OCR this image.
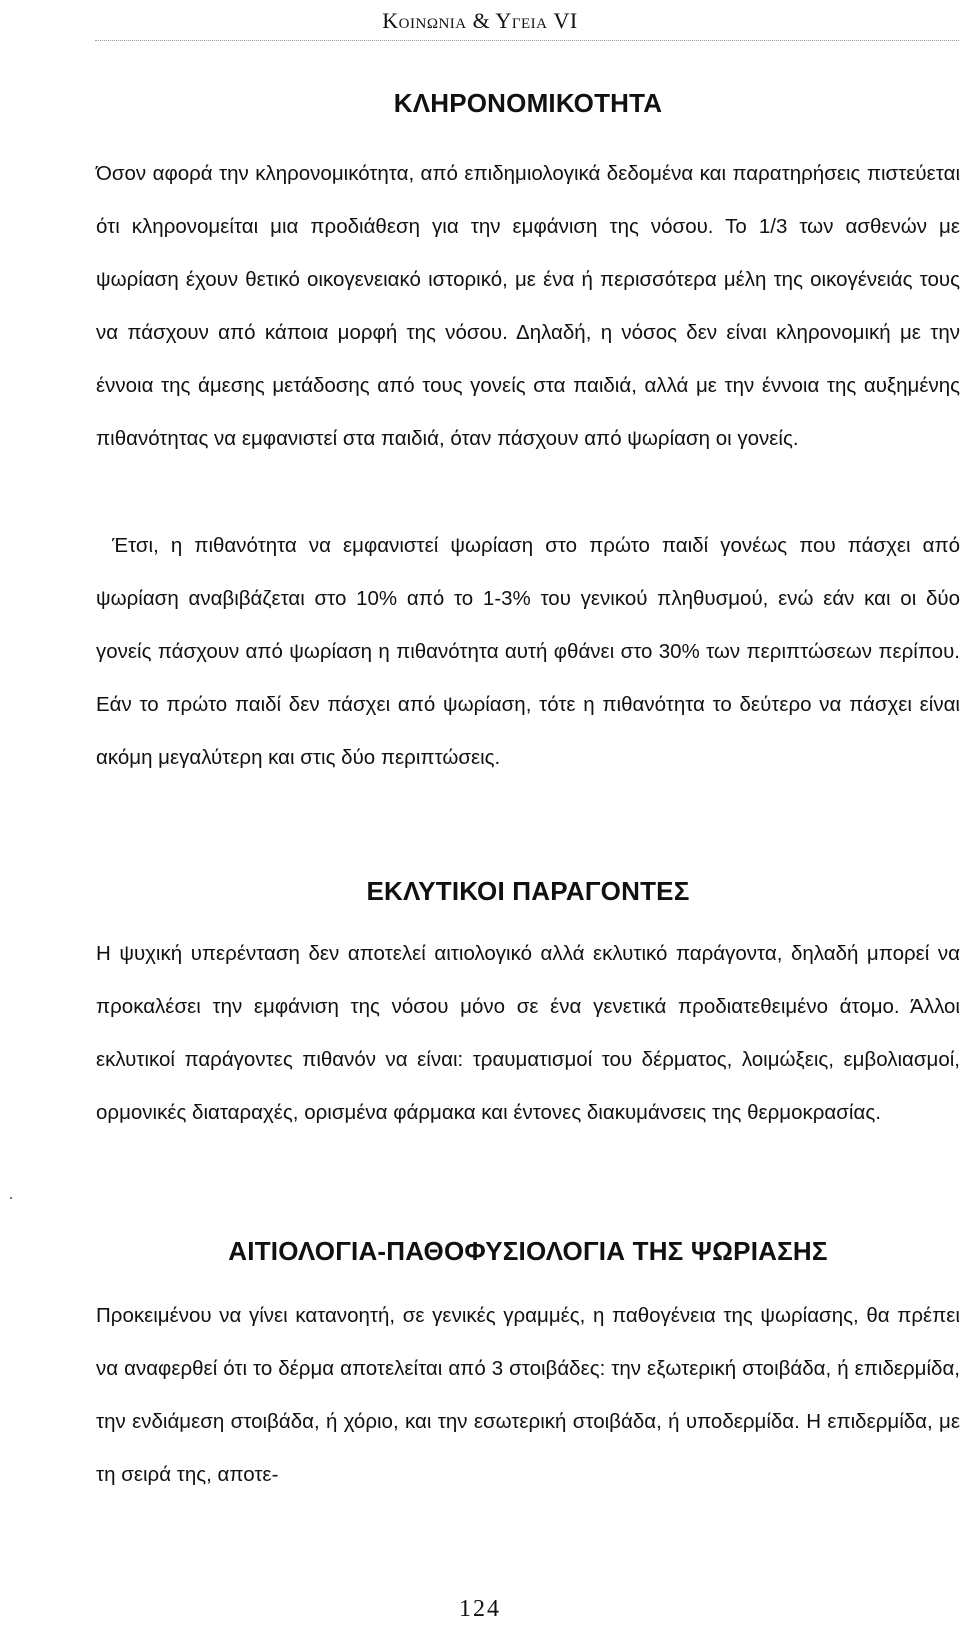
Κοινωνια & Υγεια VI
ΚΛΗΡΟΝΟΜΙΚΟΤΗΤΑ

Όσον αφορά την κληρονομικότητα, από επιδημιολογικά δεδομένα και παρατηρήσεις πιστεύεται ότι κληρονομείται μια προδιάθεση για την εμφάνιση της νόσου. Το 1/3 των ασθενών με ψωρίαση έχουν θετικό οικογενειακό ιστορικό, με ένα ή περισσότερα μέλη της οικογένειάς τους να πάσχουν από κάποια μορφή της νόσου. Δηλαδή, η νόσος δεν είναι κληρονομική με την έννοια της άμεσης μετάδοσης από τους γονείς στα παιδιά, αλλά με την έννοια της αυξημένης πιθανότητας να εμφανιστεί στα παιδιά, όταν πάσχουν από ψωρίαση οι γονείς.

Έτσι, η πιθανότητα να εμφανιστεί ψωρίαση στο πρώτο παιδί γονέως που πάσχει από ψωρίαση αναβιβάζεται στο 10% από το 1-3% του γενικού πληθυσμού, ενώ εάν και οι δύο γονείς πάσχουν από ψωρίαση η πιθανότητα αυτή φθάνει στο 30% των περιπτώσεων περίπου. Εάν το πρώτο παιδί δεν πάσχει από ψωρίαση, τότε η πιθανότητα το δεύτερο να πάσχει είναι ακόμη μεγαλύτερη και στις δύο περιπτώσεις.

ΕΚΛΥΤΙΚΟΙ ΠΑΡΑΓΟΝΤΕΣ

Η ψυχική υπερένταση δεν αποτελεί αιτιολογικό αλλά εκλυτικό παράγοντα, δηλαδή μπορεί να προκαλέσει την εμφάνιση της νόσου μόνο σε ένα γενετικά προδιατεθειμένο άτομο. Άλλοι εκλυτικοί παράγοντες πιθανόν να είναι: τραυματισμοί του δέρματος, λοιμώξεις, εμβολιασμοί, ορμονικές διαταραχές, ορισμένα φάρμακα και έντονες διακυμάνσεις της θερμοκρασίας.

ΑΙΤΙΟΛΟΓΙΑ-ΠΑΘΟΦΥΣΙΟΛΟΓΙΑ ΤΗΣ ΨΩΡΙΑΣΗΣ

Προκειμένου να γίνει κατανοητή, σε γενικές γραμμές, η παθογένεια της ψωρίασης, θα πρέπει να αναφερθεί ότι το δέρμα αποτελείται από 3 στοιβάδες: την εξωτερική στοιβάδα, ή επιδερμίδα, την ενδιάμεση στοιβάδα, ή χόριο, και την εσωτερική στοιβάδα, ή υποδερμίδα. Η επιδερμίδα, με τη σειρά της, αποτε-

124
